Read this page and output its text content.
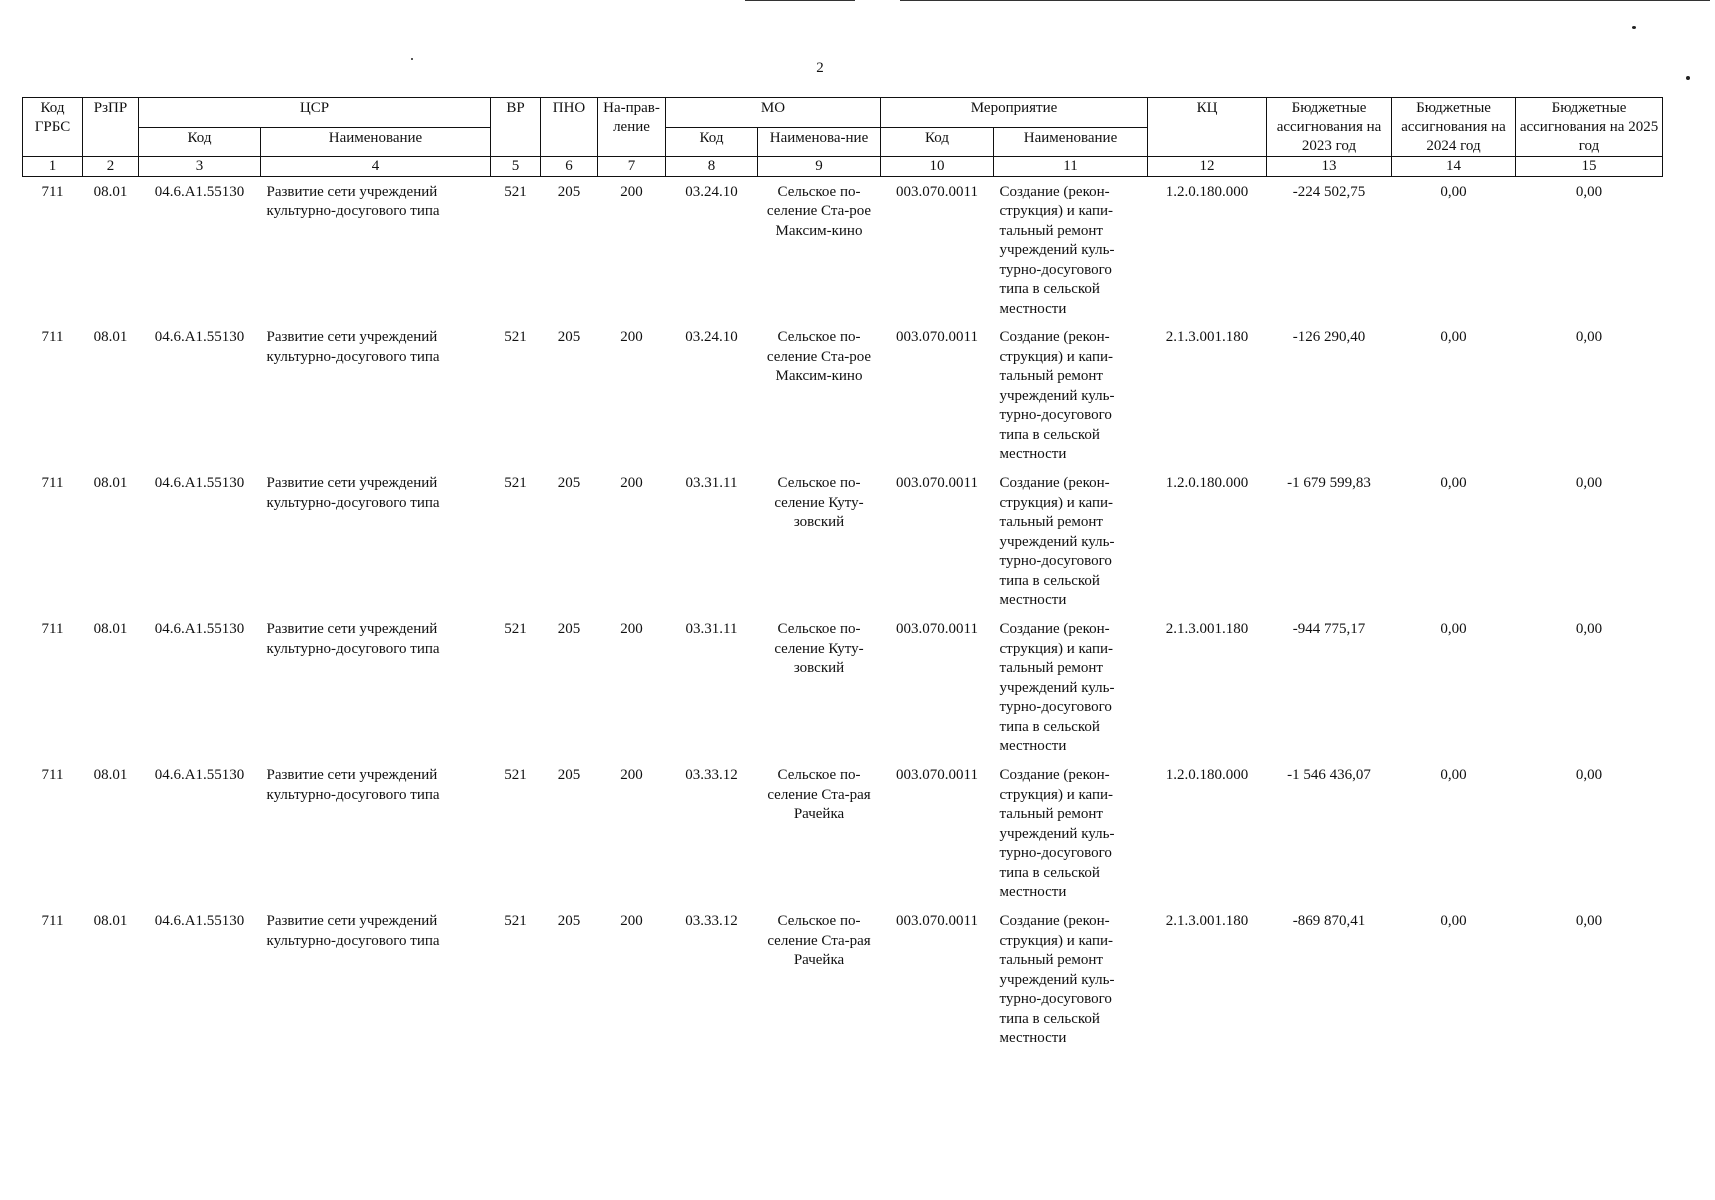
2
Код ГРБС	РзПР	ЦСР		ВР	ПНО	На-прав-ление	МО		Мероприятие		КЦ	Бюджетные ассигнования на 2023 год	Бюджетные ассигнования на 2024 год	Бюджетные ассигнования на 2025 год
		Код	Наименование				Код	Наименова-ние	Код	Наименование				
1	2	3	4	5	6	7	8	9	10	11	12	13	14	15
711	08.01	04.6.A1.55130	Развитие сети учреждений культурно-досугового типа	521	205	200	03.24.10	Сельское по-селение Ста-рое Максим-кино	003.070.0011	Создание (рекон-струкция) и капи-тальный ремонт учреждений куль-турно-досугового типа в сельской местности	1.2.0.180.000	-224 502,75	0,00	0,00
711	08.01	04.6.A1.55130	Развитие сети учреждений культурно-досугового типа	521	205	200	03.24.10	Сельское по-селение Ста-рое Максим-кино	003.070.0011	Создание (рекон-струкция) и капи-тальный ремонт учреждений куль-турно-досугового типа в сельской местности	2.1.3.001.180	-126 290,40	0,00	0,00
711	08.01	04.6.A1.55130	Развитие сети учреждений культурно-досугового типа	521	205	200	03.31.11	Сельское по-селение Куту-зовский	003.070.0011	Создание (рекон-струкция) и капи-тальный ремонт учреждений куль-турно-досугового типа в сельской местности	1.2.0.180.000	-1 679 599,83	0,00	0,00
711	08.01	04.6.A1.55130	Развитие сети учреждений культурно-досугового типа	521	205	200	03.31.11	Сельское по-селение Куту-зовский	003.070.0011	Создание (рекон-струкция) и капи-тальный ремонт учреждений куль-турно-досугового типа в сельской местности	2.1.3.001.180	-944 775,17	0,00	0,00
711	08.01	04.6.A1.55130	Развитие сети учреждений культурно-досугового типа	521	205	200	03.33.12	Сельское по-селение Ста-рая Рачейка	003.070.0011	Создание (рекон-струкция) и капи-тальный ремонт учреждений куль-турно-досугового типа в сельской местности	1.2.0.180.000	-1 546 436,07	0,00	0,00
711	08.01	04.6.A1.55130	Развитие сети учреждений культурно-досугового типа	521	205	200	03.33.12	Сельское по-селение Ста-рая Рачейка	003.070.0011	Создание (рекон-струкция) и капи-тальный ремонт учреждений куль-турно-досугового типа в сельской местности	2.1.3.001.180	-869 870,41	0,00	0,00
